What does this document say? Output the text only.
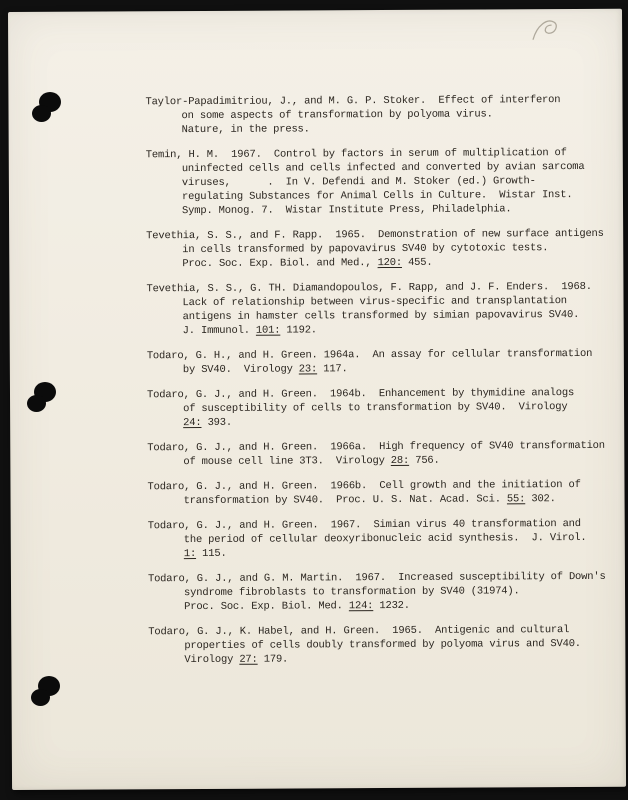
Taylor-Papadimitriou, J., and M. G. P. Stoker.  Effect of interferon
on some aspects of transformation by polyoma virus.
Nature, in the press.
Temin, H. M.  1967.  Control by factors in serum of multiplication of
uninfected cells and cells infected and converted by avian sarcoma
viruses,      .  In V. Defendi and M. Stoker (ed.) Growth-
regulating Substances for Animal Cells in Culture.  Wistar Inst.
Symp. Monog. 7.  Wistar Institute Press, Philadelphia.
Tevethia, S. S., and F. Rapp.  1965.  Demonstration of new surface antigens
in cells transformed by papovavirus SV40 by cytotoxic tests.
Proc. Soc. Exp. Biol. and Med., 120: 455.
Tevethia, S. S., G. TH. Diamandopoulos, F. Rapp, and J. F. Enders.  1968.
Lack of relationship between virus-specific and transplantation
antigens in hamster cells transformed by simian papovavirus SV40.
J. Immunol. 101: 1192.
Todaro, G. H., and H. Green. 1964a.  An assay for cellular transformation
by SV40.  Virology 23: 117.
Todaro, G. J., and H. Green.  1964b.  Enhancement by thymidine analogs
of susceptibility of cells to transformation by SV40.  Virology
24: 393.
Todaro, G. J., and H. Green.  1966a.  High frequency of SV40 transformation
of mouse cell line 3T3.  Virology 28: 756.
Todaro, G. J., and H. Green.  1966b.  Cell growth and the initiation of
transformation by SV40.  Proc. U. S. Nat. Acad. Sci. 55: 302.
Todaro, G. J., and H. Green.  1967.  Simian virus 40 transformation and
the period of cellular deoxyribonucleic acid synthesis.  J. Virol.
1: 115.
Todaro, G. J., and G. M. Martin.  1967.  Increased susceptibility of Down's
syndrome fibroblasts to transformation by SV40 (31974).
Proc. Soc. Exp. Biol. Med. 124: 1232.
Todaro, G. J., K. Habel, and H. Green.  1965.  Antigenic and cultural
properties of cells doubly transformed by polyoma virus and SV40.
Virology 27: 179.
